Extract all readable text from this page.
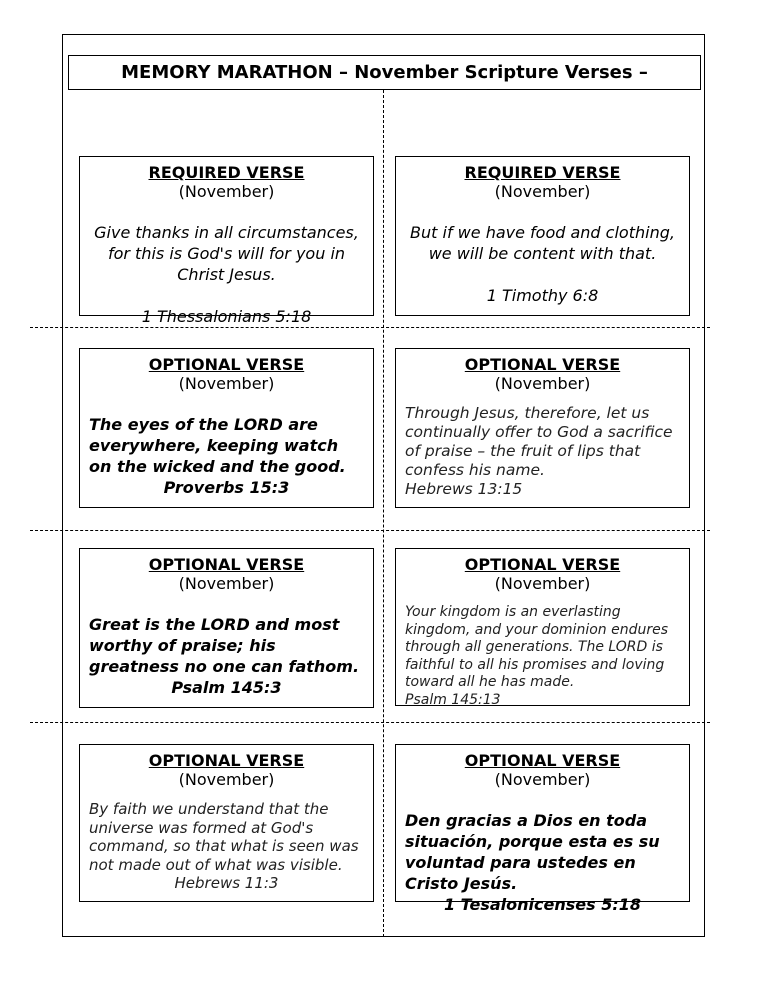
MEMORY MARATHON – November Scripture Verses –
REQUIRED VERSE
(November)
Give thanks in all circumstances, for this is God's will for you in Christ Jesus.
1 Thessalonians 5:18
REQUIRED VERSE
(November)
But if we have food and clothing, we will be content with that.
1 Timothy 6:8
OPTIONAL VERSE
(November)
The eyes of the LORD are everywhere, keeping watch on the wicked and the good.
Proverbs 15:3
OPTIONAL VERSE
(November)
Through Jesus, therefore, let us continually offer to God a sacrifice of praise – the fruit of lips that confess his name.
Hebrews 13:15
OPTIONAL VERSE
(November)
Great is the LORD and most worthy of praise; his greatness no one can fathom.
Psalm 145:3
OPTIONAL VERSE
(November)
Your kingdom is an everlasting kingdom, and your dominion endures through all generations. The LORD is faithful to all his promises and loving toward all he has made.
Psalm 145:13
OPTIONAL VERSE
(November)
By faith we understand that the universe was formed at God's command, so that what is seen was not made out of what was visible.
Hebrews 11:3
OPTIONAL VERSE
(November)
Den gracias a Dios en toda situación, porque esta es su voluntad para ustedes en Cristo Jesús.
1 Tesalonicenses 5:18
